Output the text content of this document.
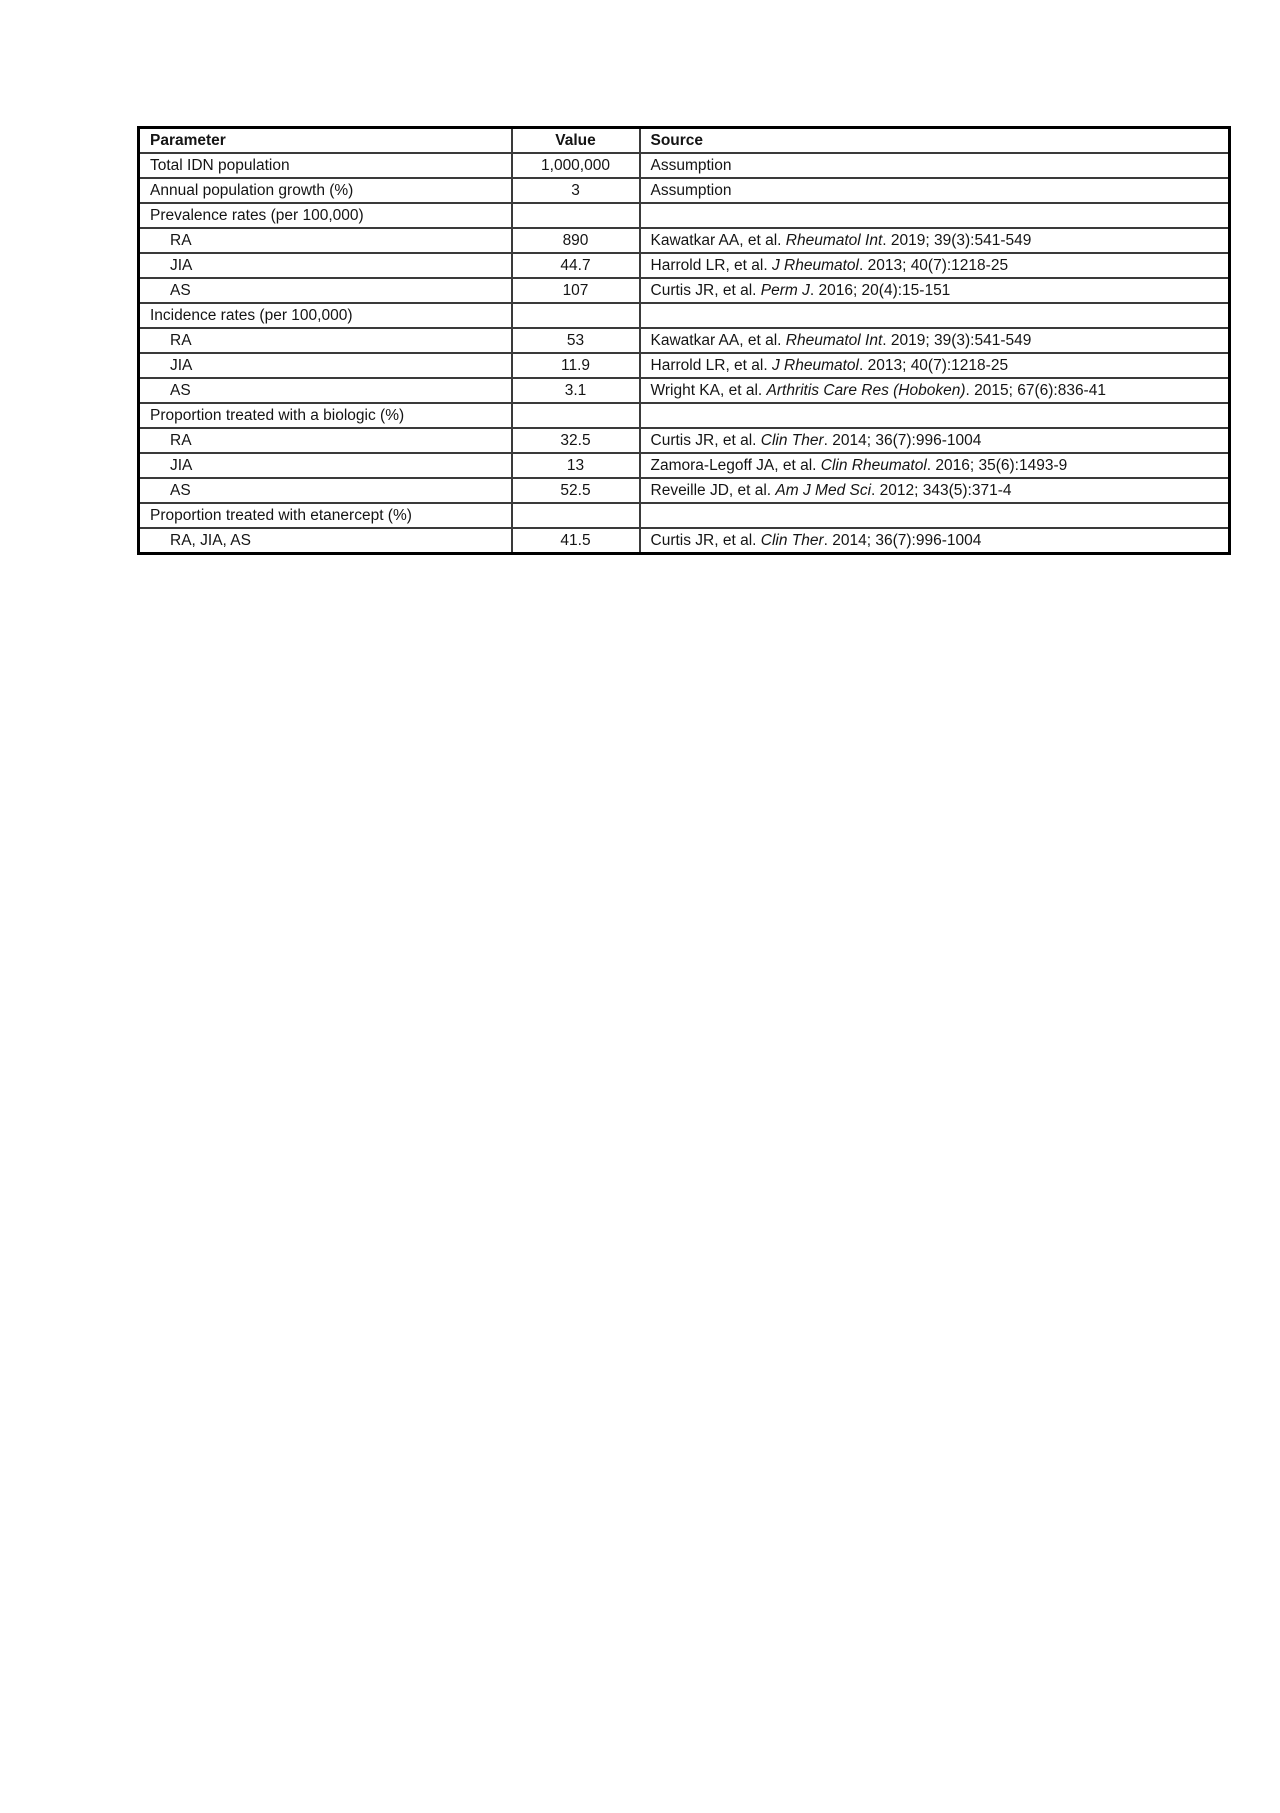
Parameter	Value	Source
Total IDN population	1,000,000	Assumption
Annual population growth (%)	3	Assumption
Prevalence rates (per 100,000)		
RA	890	Kawatkar AA, et al. Rheumatol Int. 2019; 39(3):541-549
JIA	44.7	Harrold LR, et al. J Rheumatol. 2013; 40(7):1218-25
AS	107	Curtis JR, et al. Perm J. 2016; 20(4):15-151
Incidence rates (per 100,000)		
RA	53	Kawatkar AA, et al. Rheumatol Int. 2019; 39(3):541-549
JIA	11.9	Harrold LR, et al. J Rheumatol. 2013; 40(7):1218-25
AS	3.1	Wright KA, et al. Arthritis Care Res (Hoboken). 2015; 67(6):836-41
Proportion treated with a biologic (%)		
RA	32.5	Curtis JR, et al. Clin Ther. 2014; 36(7):996-1004
JIA	13	Zamora-Legoff JA, et al. Clin Rheumatol. 2016; 35(6):1493-9
AS	52.5	Reveille JD, et al. Am J Med Sci. 2012; 343(5):371-4
Proportion treated with etanercept (%)		
RA, JIA, AS	41.5	Curtis JR, et al. Clin Ther. 2014; 36(7):996-1004
